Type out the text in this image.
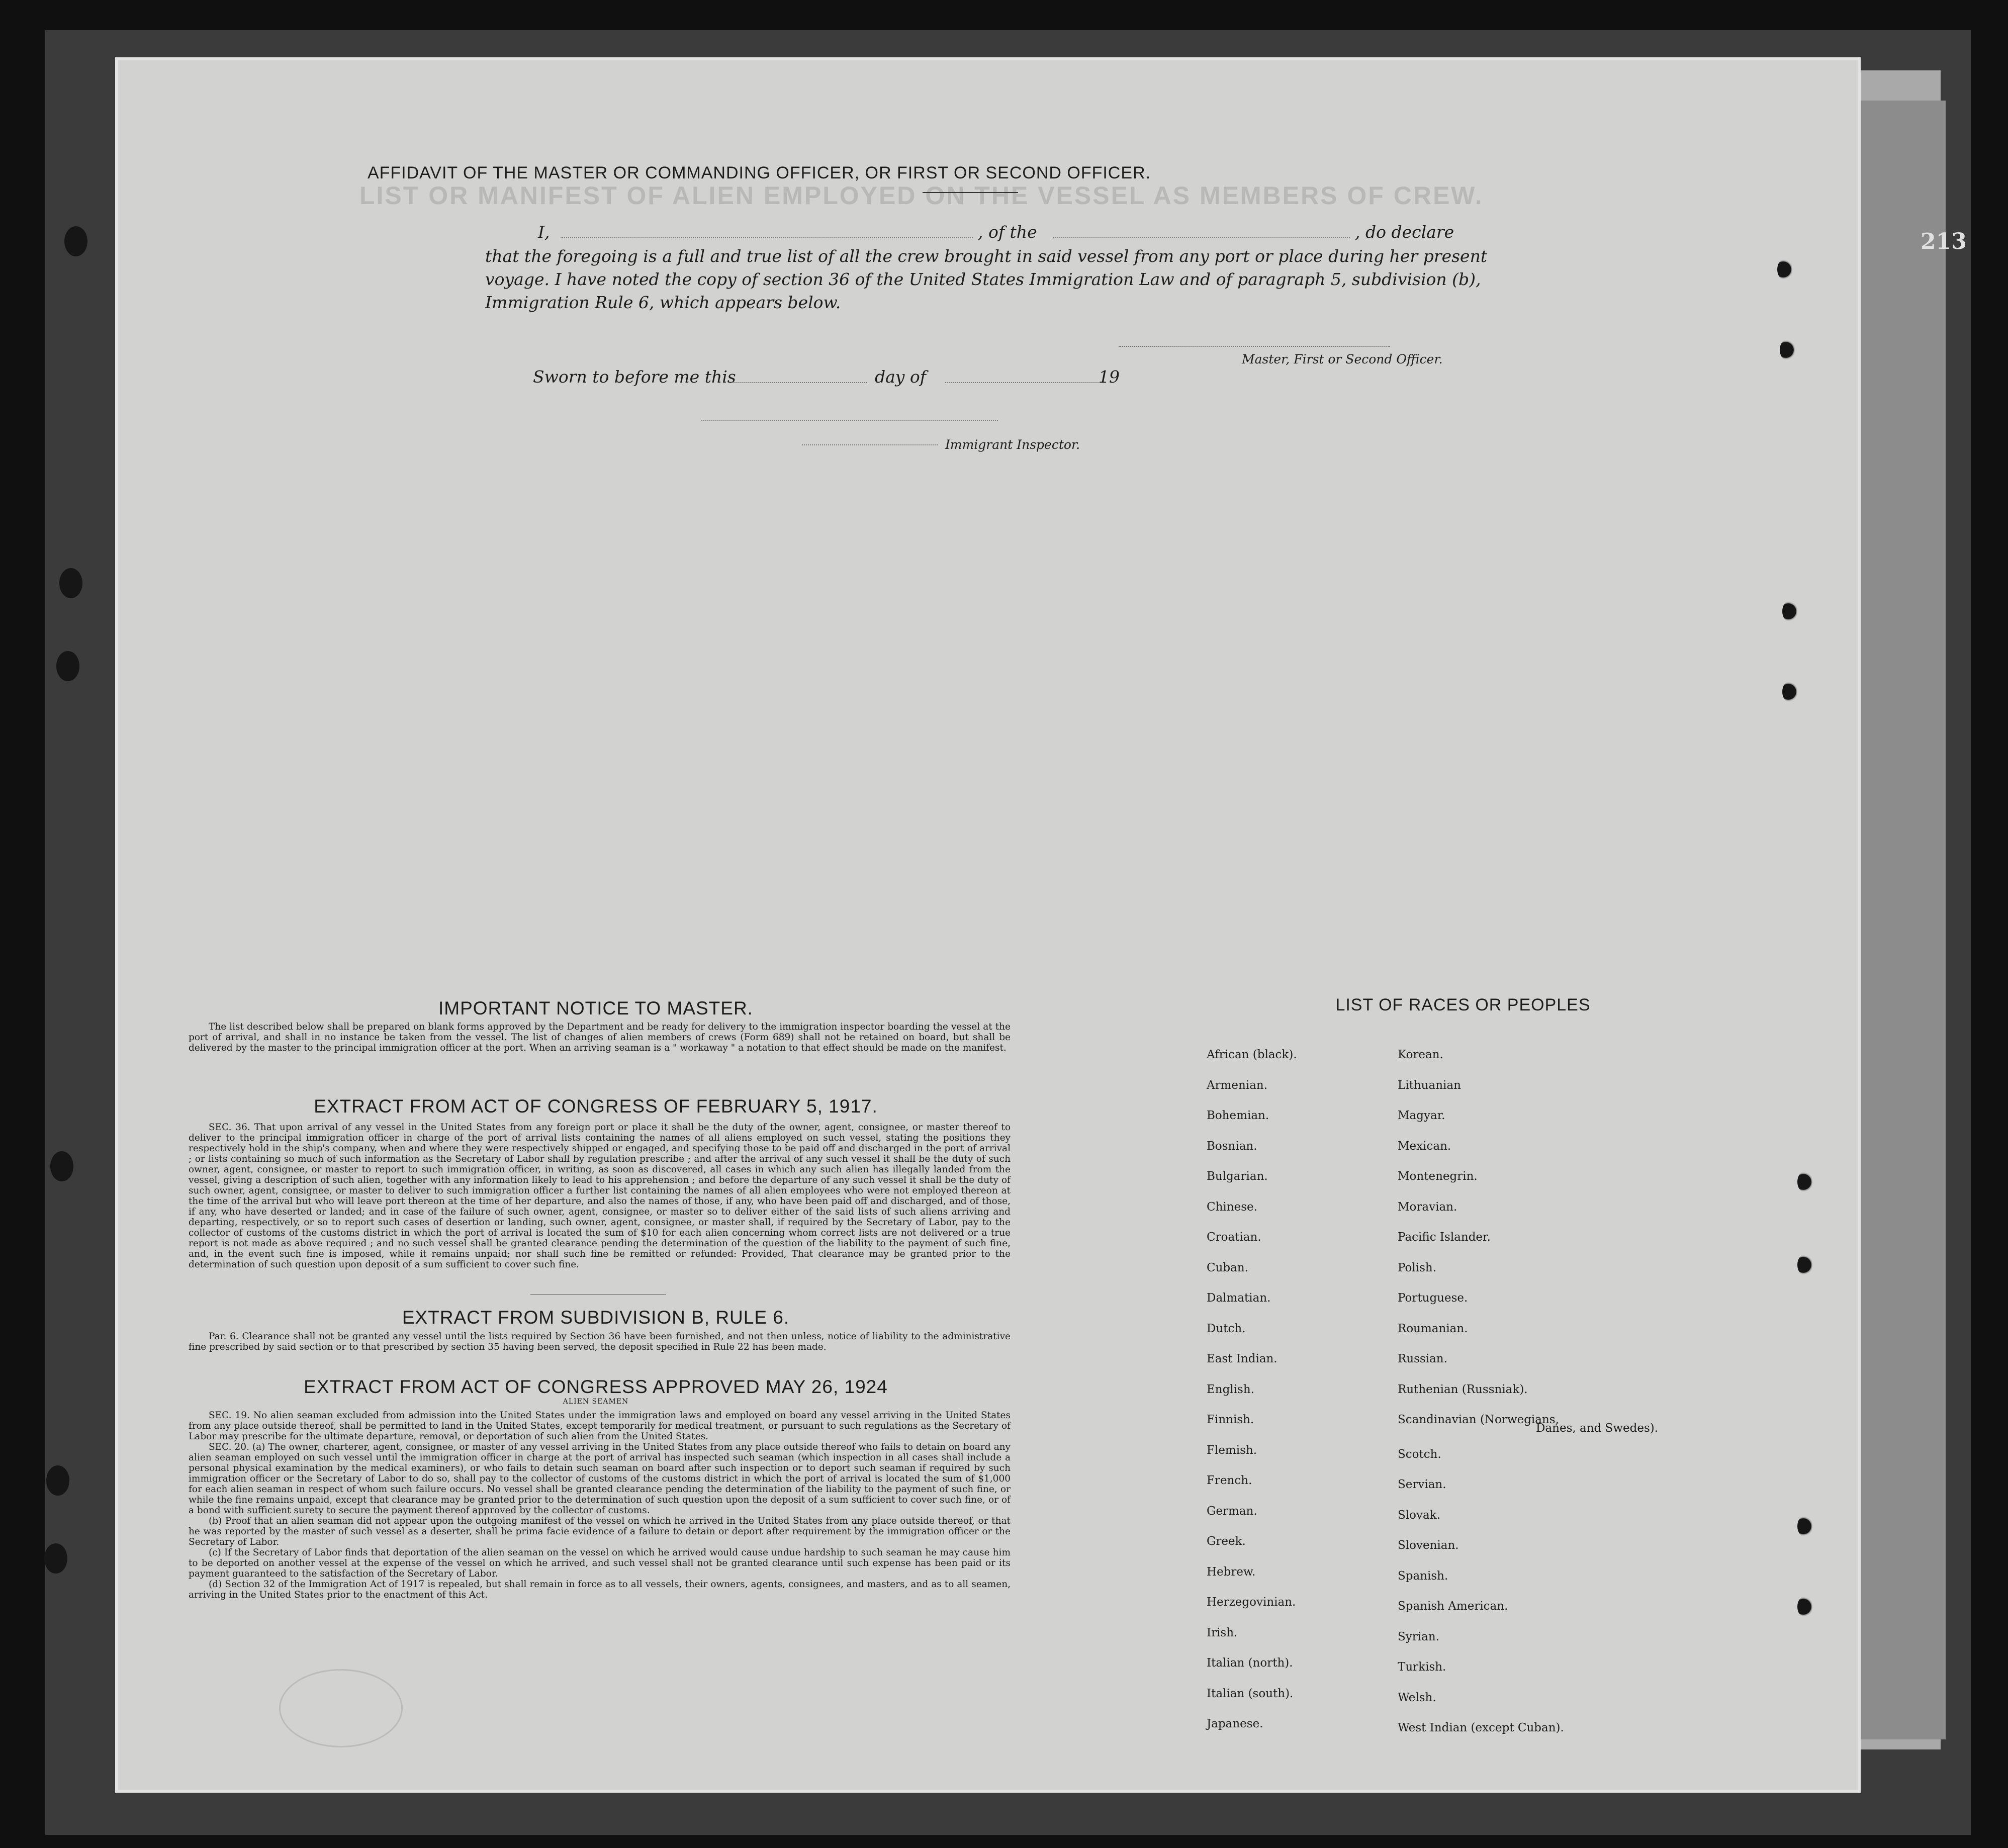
213
LIST OR MANIFEST OF ALIEN EMPLOYED ON THE VESSEL AS MEMBERS OF CREW.
AFFIDAVIT OF THE MASTER OR COMMANDING OFFICER, OR FIRST OR SECOND OFFICER.
I,	, of the	, do declare
that the foregoing is a full and true list of all the crew brought in said vessel from any port or place during her present
voyage. I have noted the copy of section 36 of the United States Immigration Law and of paragraph 5, subdivision (b),
Immigration Rule 6, which appears below.
Master, First or Second Officer.
Sworn to before me this	day of	19
Immigrant Inspector.
IMPORTANT NOTICE TO MASTER.

The list described below shall be prepared on blank forms approved by the Department and be ready for delivery to the immigration inspector boarding the vessel at the port of arrival, and shall in no instance be taken from the vessel. The list of changes of alien members of crews (Form 689) shall not be retained on board, but shall be delivered by the master to the principal immigration officer at the port. When an arriving seaman is a " workaway " a notation to that effect should be made on the manifest.

EXTRACT FROM ACT OF CONGRESS OF FEBRUARY 5, 1917.

SEC. 36. That upon arrival of any vessel in the United States from any foreign port or place it shall be the duty of the owner, agent, consignee, or master thereof to deliver to the principal immigration officer in charge of the port of arrival lists containing the names of all aliens employed on such vessel, stating the positions they respectively hold in the ship's company, when and where they were respectively shipped or engaged, and specifying those to be paid off and discharged in the port of arrival ; or lists containing so much of such information as the Secretary of Labor shall by regulation prescribe ; and after the arrival of any such vessel it shall be the duty of such owner, agent, consignee, or master to report to such immigration officer, in writing, as soon as discovered, all cases in which any such alien has illegally landed from the vessel, giving a description of such alien, together with any information likely to lead to his apprehension ; and before the departure of any such vessel it shall be the duty of such owner, agent, consignee, or master to deliver to such immigration officer a further list containing the names of all alien employees who were not employed thereon at the time of the arrival but who will leave port thereon at the time of her departure, and also the names of those, if any, who have been paid off and discharged, and of those, if any, who have deserted or landed; and in case of the failure of such owner, agent, consignee, or master so to deliver either of the said lists of such aliens arriving and departing, respectively, or so to report such cases of desertion or landing, such owner, agent, consignee, or master shall, if required by the Secretary of Labor, pay to the collector of customs of the customs district in which the port of arrival is located the sum of $10 for each alien concerning whom correct lists are not delivered or a true report is not made as above required ; and no such vessel shall be granted clearance pending the determination of the question of the liability to the payment of such fine, and, in the event such fine is imposed, while it remains unpaid; nor shall such fine be remitted or refunded: Provided, That clearance may be granted prior to the determination of such question upon deposit of a sum sufficient to cover such fine.

EXTRACT FROM SUBDIVISION B, RULE 6.

Par. 6. Clearance shall not be granted any vessel until the lists required by Section 36 have been furnished, and not then unless, notice of liability to the administrative fine prescribed by said section or to that prescribed by section 35 having been served, the deposit specified in Rule 22 has been made.

EXTRACT FROM ACT OF CONGRESS APPROVED MAY 26, 1924
ALIEN SEAMEN

SEC. 19. No alien seaman excluded from admission into the United States under the immigration laws and employed on board any vessel arriving in the United States from any place outside thereof, shall be permitted to land in the United States, except temporarily for medical treatment, or pursuant to such regulations as the Secretary of Labor may prescribe for the ultimate departure, removal, or deportation of such alien from the United States.

SEC. 20. (a) The owner, charterer, agent, consignee, or master of any vessel arriving in the United States from any place outside thereof who fails to detain on board any alien seaman employed on such vessel until the immigration officer in charge at the port of arrival has inspected such seaman (which inspection in all cases shall include a personal physical examination by the medical examiners), or who fails to detain such seaman on board after such inspection or to deport such seaman if required by such immigration officer or the Secretary of Labor to do so, shall pay to the collector of customs of the customs district in which the port of arrival is located the sum of $1,000 for each alien seaman in respect of whom such failure occurs. No vessel shall be granted clearance pending the determination of the liability to the payment of such fine, or while the fine remains unpaid, except that clearance may be granted prior to the determination of such question upon the deposit of a sum sufficient to cover such fine, or of a bond with sufficient surety to secure the payment thereof approved by the collector of customs.

(b) Proof that an alien seaman did not appear upon the outgoing manifest of the vessel on which he arrived in the United States from any place outside thereof, or that he was reported by the master of such vessel as a deserter, shall be prima facie evidence of a failure to detain or deport after requirement by the immigration officer or the Secretary of Labor.

(c) If the Secretary of Labor finds that deportation of the alien seaman on the vessel on which he arrived would cause undue hardship to such seaman he may cause him to be deported on another vessel at the expense of the vessel on which he arrived, and such vessel shall not be granted clearance until such expense has been paid or its payment guaranteed to the satisfaction of the Secretary of Labor.

(d) Section 32 of the Immigration Act of 1917 is repealed, but shall remain in force as to all vessels, their owners, agents, consignees, and masters, and as to all seamen, arriving in the United States prior to the enactment of this Act.

LIST OF RACES OR PEOPLES
Danes, and Swedes).
African (black).
Armenian.
Bohemian.
Bosnian.
Bulgarian.
Chinese.
Croatian.
Cuban.
Dalmatian.
Dutch.
East Indian.
English.
Finnish.
Flemish.
French.
German.
Greek.
Hebrew.
Herzegovinian.
Irish.
Italian (north).
Italian (south).
Japanese.
Korean.
Lithuanian
Magyar.
Mexican.
Montenegrin.
Moravian.
Pacific Islander.
Polish.
Portuguese.
Roumanian.
Russian.
Ruthenian (Russniak).
Scandinavian (Norwegians,
Scotch.
Servian.
Slovak.
Slovenian.
Spanish.
Spanish American.
Syrian.
Turkish.
Welsh.
West Indian (except Cuban).
